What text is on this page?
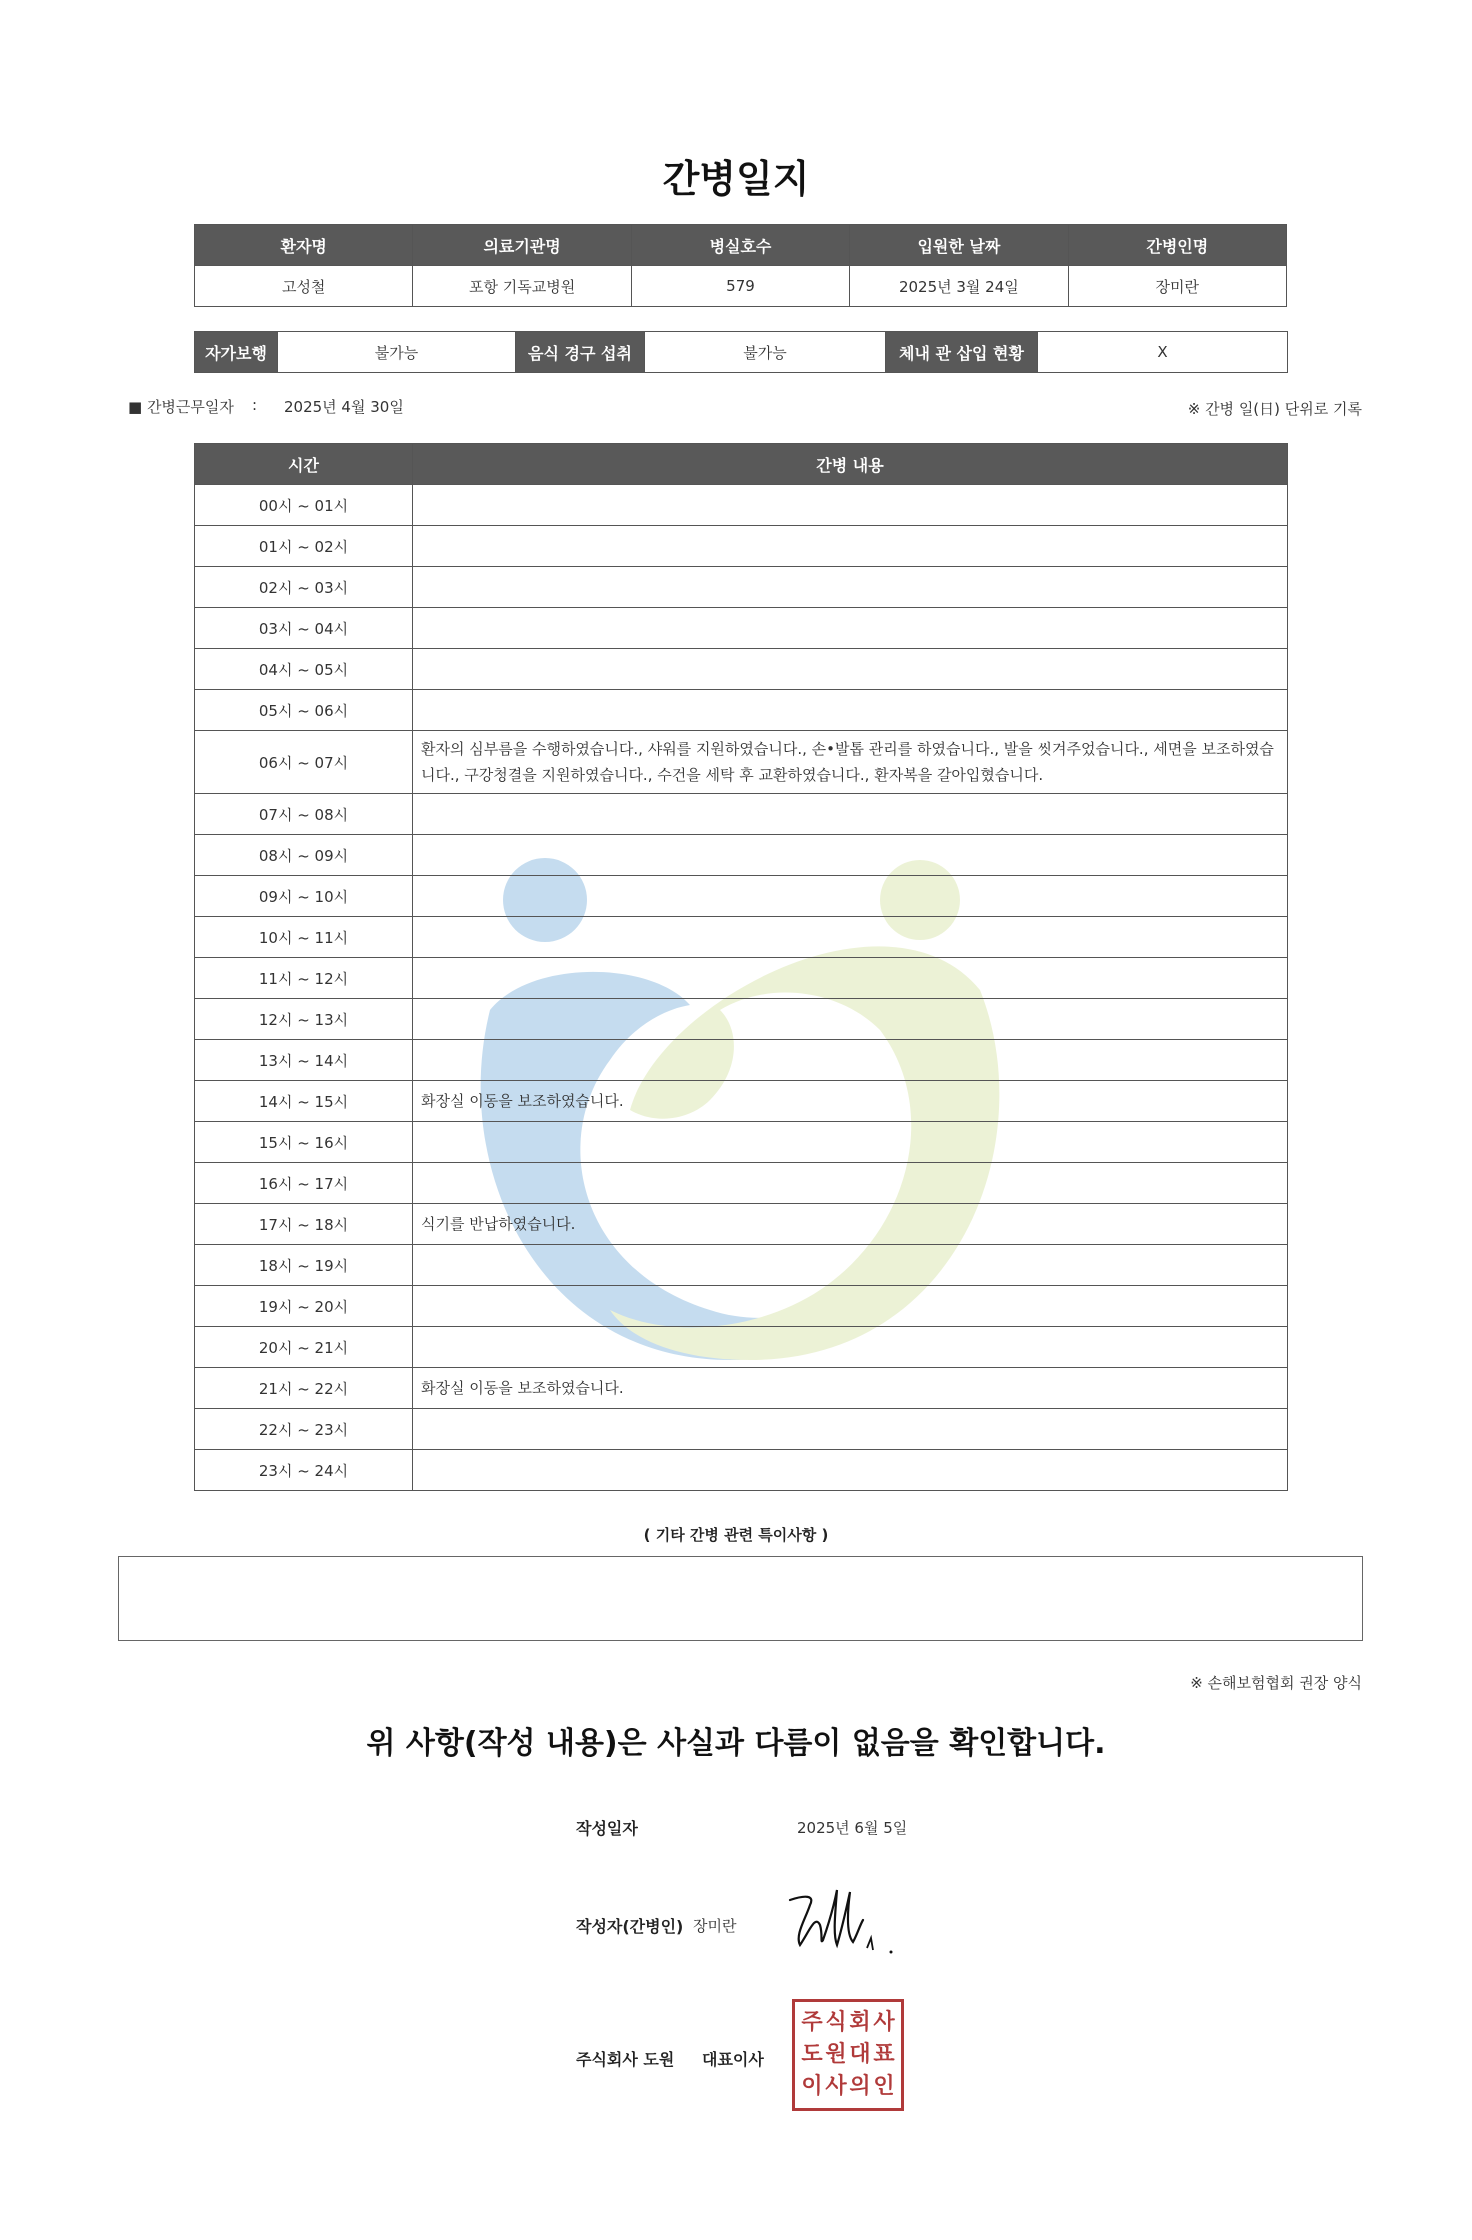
간병일지
환자명	의료기관명	병실호수	입원한 날짜	간병인명
고성철	포항 기독교병원	579	2025년 3월 24일	장미란
자가보행	불가능	음식 경구 섭취	불가능	체내 관 삽입 현황	X
■ 간병근무일자 : 2025년 4월 30일	※ 간병 일(日) 단위로 기록
시간	간병 내용
00시 ~ 01시	
01시 ~ 02시	
02시 ~ 03시	
03시 ~ 04시	
04시 ~ 05시	
05시 ~ 06시	
06시 ~ 07시	환자의 심부름을 수행하였습니다., 샤워를 지원하였습니다., 손•발톱 관리를 하였습니다., 발을 씻겨주었습니다., 세면을 보조하였습니다., 구강청결을 지원하였습니다., 수건을 세탁 후 교환하였습니다., 환자복을 갈아입혔습니다.
07시 ~ 08시	
08시 ~ 09시	
09시 ~ 10시	
10시 ~ 11시	
11시 ~ 12시	
12시 ~ 13시	
13시 ~ 14시	
14시 ~ 15시	화장실 이동을 보조하였습니다.
15시 ~ 16시	
16시 ~ 17시	
17시 ~ 18시	식기를 반납하였습니다.
18시 ~ 19시	
19시 ~ 20시	
20시 ~ 21시	
21시 ~ 22시	화장실 이동을 보조하였습니다.
22시 ~ 23시	
23시 ~ 24시	
( 기타 간병 관련 특이사항 )
※ 손해보험협회 권장 양식
위 사항(작성 내용)은 사실과 다름이 없음을 확인합니다.
작성일자	2025년 6월 5일
작성자(간병인) 장미란
주식회사 도원 대표이사
주 식 회 사
도 원 대 표
이 사 의 인
